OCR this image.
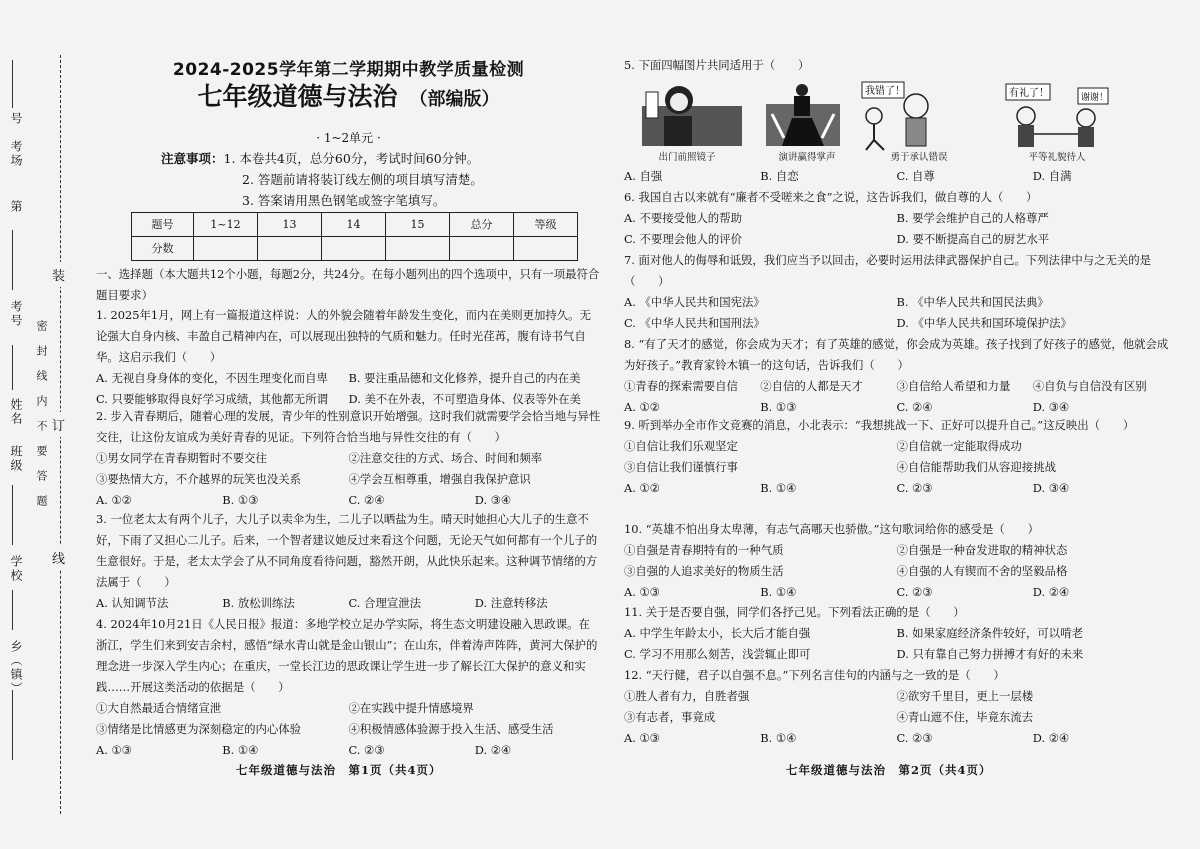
装
订
线
号
第
考场
考号
姓名
班级
学校
乡（镇）
密
封
线
内
不
要
答
题
2024-2025学年第二学期期中教学质量检测
七年级道德与法治 （部编版）
· 1~2单元 ·
注意事项：1. 本卷共4页，总分60分，考试时间60分钟。
2. 答题前请将装订线左侧的项目填写清楚。
3. 答案请用黑色钢笔或签字笔填写。
题号	1~12	13	14	15	总分	等级
分数						
一、选择题（本大题共12个小题，每题2分，共24分。在每小题列出的四个选项中，只有一项最符合题目要求）
1. 2025年1月，网上有一篇报道这样说：人的外貌会随着年龄发生变化，而内在美则更加持久。无论强大自身内核、丰盈自己精神内在，可以展现出独特的气质和魅力。任时光荏苒，腹有诗书气自华。这启示我们（　　）
A. 无视自身身体的变化，不因生理变化而自卑	B. 要注重品德和文化修养，提升自己的内在美
C. 只要能够取得良好学习成绩，其他都无所谓	D. 美不在外表，不可塑造身体、仪表等外在美
2. 步入青春期后，随着心理的发展，青少年的性别意识开始增强。这时我们就需要学会恰当地与异性交往，让这份友谊成为美好青春的见证。下列符合恰当地与异性交往的有（　　）
①男女同学在青春期暂时不要交往	②注意交往的方式、场合、时间和频率
③要热情大方，不介越界的玩笑也没关系	④学会互相尊重，增强自我保护意识
A. ①②	B. ①③	C. ②④	D. ③④
3. 一位老太太有两个儿子，大儿子以卖伞为生，二儿子以晒盐为生。晴天时她担心大儿子的生意不好，下雨了又担心二儿子。后来，一个智者建议她反过来看这个问题，无论天气如何都有一个儿子的生意很好。于是，老太太学会了从不同角度看待问题，豁然开朗，从此快乐起来。这种调节情绪的方法属于（　　）
A. 认知调节法	B. 放松训练法	C. 合理宣泄法	D. 注意转移法
4. 2024年10月21日《人民日报》报道：多地学校立足办学实际，将生态文明建设融入思政课。在浙江，学生们来到安吉余村，感悟“绿水青山就是金山银山”；在山东，伴着涛声阵阵，黄河大保护的理念进一步深入学生内心；在重庆，一堂长江边的思政课让学生进一步了解长江大保护的意义和实践……开展这类活动的依据是（　　）
①大自然最适合情绪宣泄	②在实践中提升情感境界
③情绪是比情感更为深刻稳定的内心体验	④积极情感体验源于投入生活、感受生活
A. ①③	B. ①④	C. ②③	D. ②④
七年级道德与法治　第1页（共4页）
5. 下面四幅图片共同适用于（　　）
我错了！	有礼了！	谢谢！
出门前照镜子	演讲赢得掌声	勇于承认错误	平等礼貌待人
A. 自强	B. 自恋	C. 自尊	D. 自满
6. 我国自古以来就有“廉者不受嗟来之食”之说，这告诉我们，做自尊的人（　　）
A. 不要接受他人的帮助	B. 要学会维护自己的人格尊严
C. 不要理会他人的评价	D. 要不断提高自己的厨艺水平
7. 面对他人的侮辱和诋毁，我们应当予以回击，必要时运用法律武器保护自己。下列法律中与之无关的是（　　）
A. 《中华人民共和国宪法》	B. 《中华人民共和国民法典》
C. 《中华人民共和国刑法》	D. 《中华人民共和国环境保护法》
8. “有了天才的感觉，你会成为天才；有了英雄的感觉，你会成为英雄。孩子找到了好孩子的感觉，他就会成为好孩子。”教育家铃木镇一的这句话，告诉我们（　　）
①青春的探索需要自信	②自信的人都是天才	③自信给人希望和力量	④自负与自信没有区别
A. ①②	B. ①③	C. ②④	D. ③④
9. 听到举办全市作文竞赛的消息，小北表示：“我想挑战一下、正好可以提升自己。”这反映出（　　）
①自信让我们乐观坚定	②自信就一定能取得成功
③自信让我们谨慎行事	④自信能帮助我们从容迎接挑战
A. ①②	B. ①④	C. ②③	D. ③④
10. “英雄不怕出身太卑薄，有志气高哪天也骄傲。”这句歌词给你的感受是（　　）
①自强是青春期特有的一种气质	②自强是一种奋发进取的精神状态
③自强的人追求美好的物质生活	④自强的人有锲而不舍的坚毅品格
A. ①③	B. ①④	C. ②③	D. ②④
11. 关于是否要自强，同学们各抒己见。下列看法正确的是（　　）
A. 中学生年龄太小，长大后才能自强	B. 如果家庭经济条件较好，可以啃老
C. 学习不用那么刻苦，浅尝辄止即可	D. 只有靠自己努力拼搏才有好的未来
12. “天行健，君子以自强不息。”下列名言佳句的内涵与之一致的是（　　）
①胜人者有力，自胜者强	②欲穷千里目，更上一层楼
③有志者，事竟成	④青山遮不住，毕竟东流去
A. ①③	B. ①④	C. ②③	D. ②④
七年级道德与法治　第2页（共4页）
